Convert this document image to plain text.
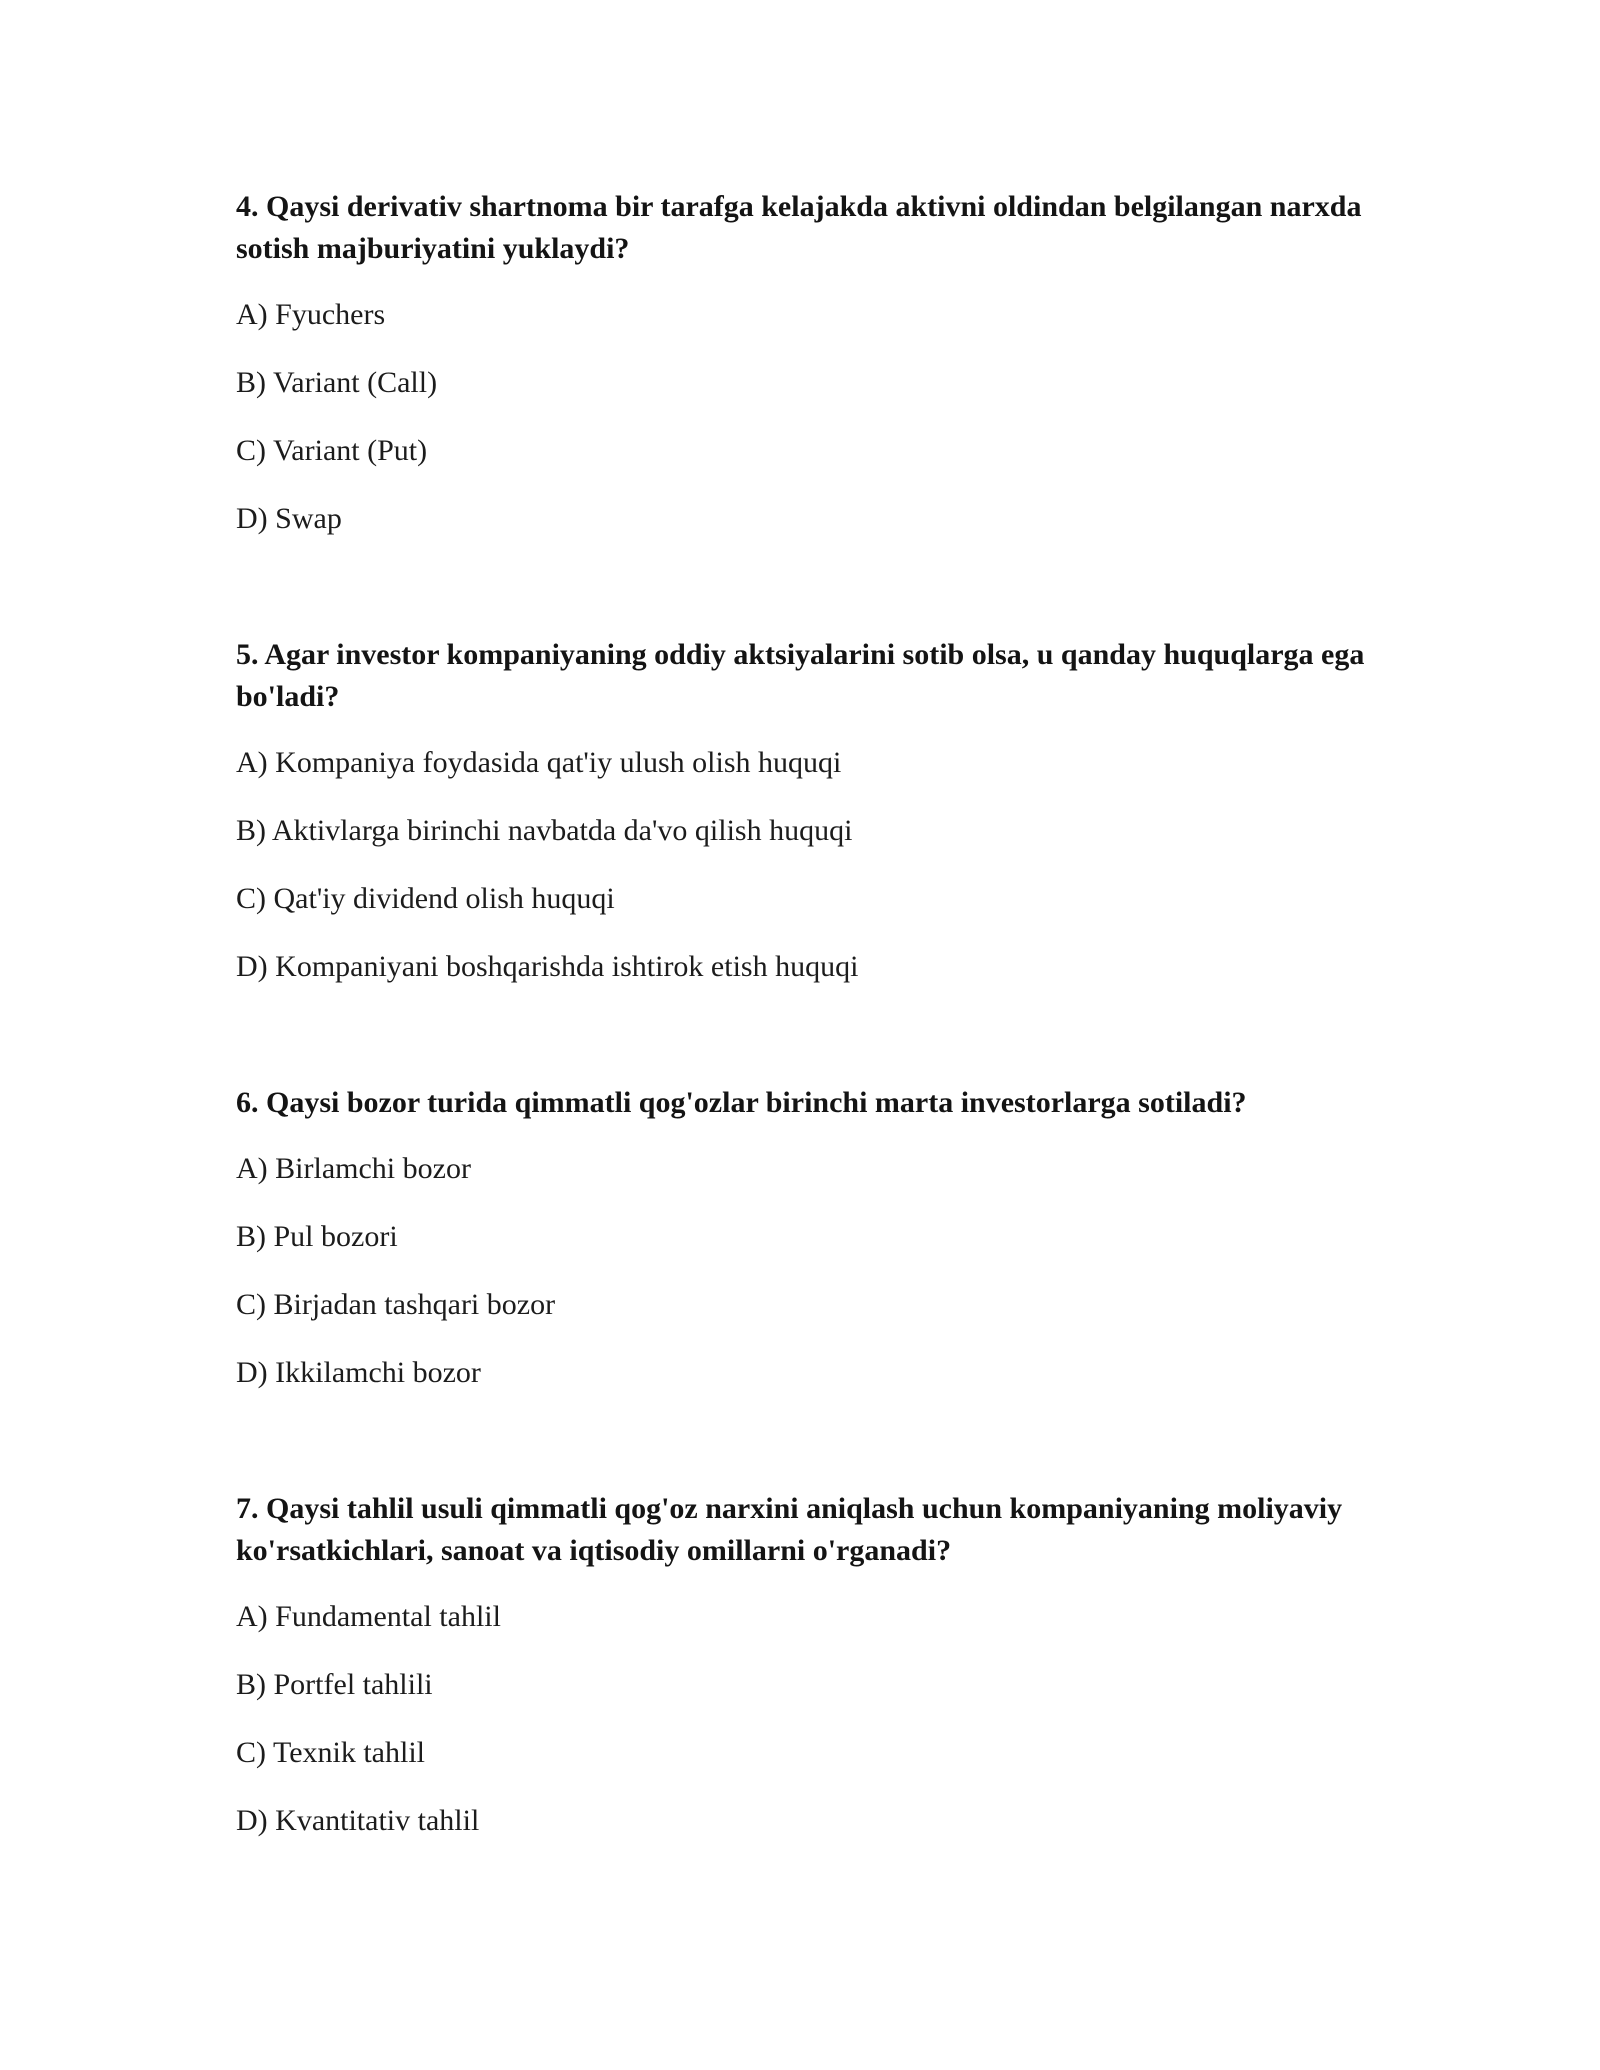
4. Qaysi derivativ shartnoma bir tarafga kelajakda aktivni oldindan belgilangan narxda sotish majburiyatini yuklaydi?

A) Fyuchers
B) Variant (Call)
C) Variant (Put)
D) Swap

5. Agar investor kompaniyaning oddiy aktsiyalarini sotib olsa, u qanday huquqlarga ega bo'ladi?

A) Kompaniya foydasida qat'iy ulush olish huquqi
B) Aktivlarga birinchi navbatda da'vo qilish huquqi
C) Qat'iy dividend olish huquqi
D) Kompaniyani boshqarishda ishtirok etish huquqi

6. Qaysi bozor turida qimmatli qog'ozlar birinchi marta investorlarga sotiladi?

A) Birlamchi bozor
B) Pul bozori
C) Birjadan tashqari bozor
D) Ikkilamchi bozor

7. Qaysi tahlil usuli qimmatli qog'oz narxini aniqlash uchun kompaniyaning moliyaviy ko'rsatkichlari, sanoat va iqtisodiy omillarni o'rganadi?

A) Fundamental tahlil
B) Portfel tahlili
C) Texnik tahlil
D) Kvantitativ tahlil
